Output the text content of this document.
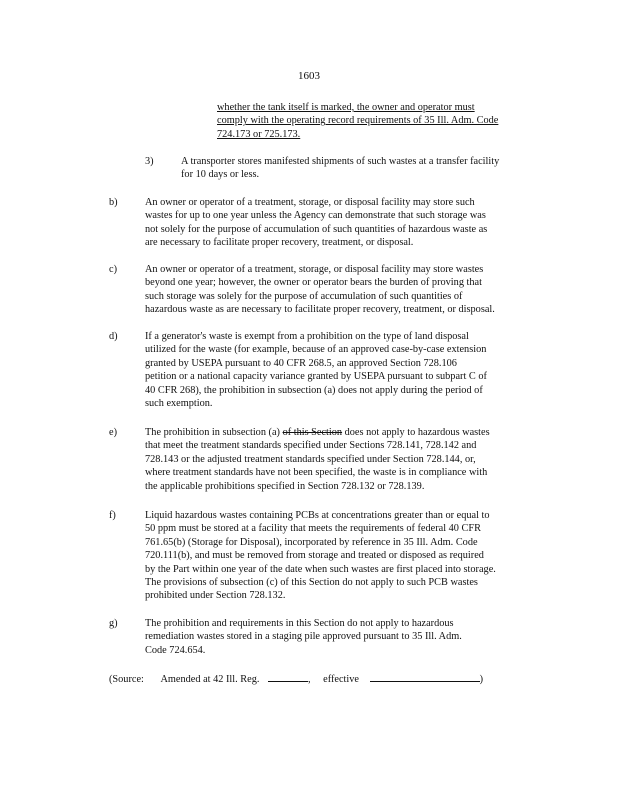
1603
whether the tank itself is marked, the owner and operator must
comply with the operating record requirements of 35 Ill. Adm. Code
724.173 or 725.173.
3)	A transporter stores manifested shipments of such wastes at a transfer facility
for 10 days or less.
b)	An owner or operator of a treatment, storage, or disposal facility may store such
wastes for up to one year unless the Agency can demonstrate that such storage was
not solely for the purpose of accumulation of such quantities of hazardous waste as
are necessary to facilitate proper recovery, treatment, or disposal.
c)	An owner or operator of a treatment, storage, or disposal facility may store wastes
beyond one year; however, the owner or operator bears the burden of proving that
such storage was solely for the purpose of accumulation of such quantities of
hazardous waste as are necessary to facilitate proper recovery, treatment, or disposal.
d)	If a generator's waste is exempt from a prohibition on the type of land disposal
utilized for the waste (for example, because of an approved case-by-case extension
granted by USEPA pursuant to 40 CFR 268.5, an approved Section 728.106
petition or a national capacity variance granted by USEPA pursuant to subpart C of
40 CFR 268), the prohibition in subsection (a) does not apply during the period of
such exemption.
e)	The prohibition in subsection (a) of this Section does not apply to hazardous wastes
that meet the treatment standards specified under Sections 728.141, 728.142 and
728.143 or the adjusted treatment standards specified under Section 728.144, or,
where treatment standards have not been specified, the waste is in compliance with
the applicable prohibitions specified in Section 728.132 or 728.139.
f)	Liquid hazardous wastes containing PCBs at concentrations greater than or equal to
50 ppm must be stored at a facility that meets the requirements of federal 40 CFR
761.65(b) (Storage for Disposal), incorporated by reference in 35 Ill. Adm. Code
720.111(b), and must be removed from storage and treated or disposed as required
by the Part within one year of the date when such wastes are first placed into storage.
The provisions of subsection (c) of this Section do not apply to such PCB wastes
prohibited under Section 728.132.
g)	The prohibition and requirements in this Section do not apply to hazardous
remediation wastes stored in a staging pile approved pursuant to 35 Ill. Adm.
Code 724.654.
(Source: Amended at 42 Ill. Reg.	, effective	)
